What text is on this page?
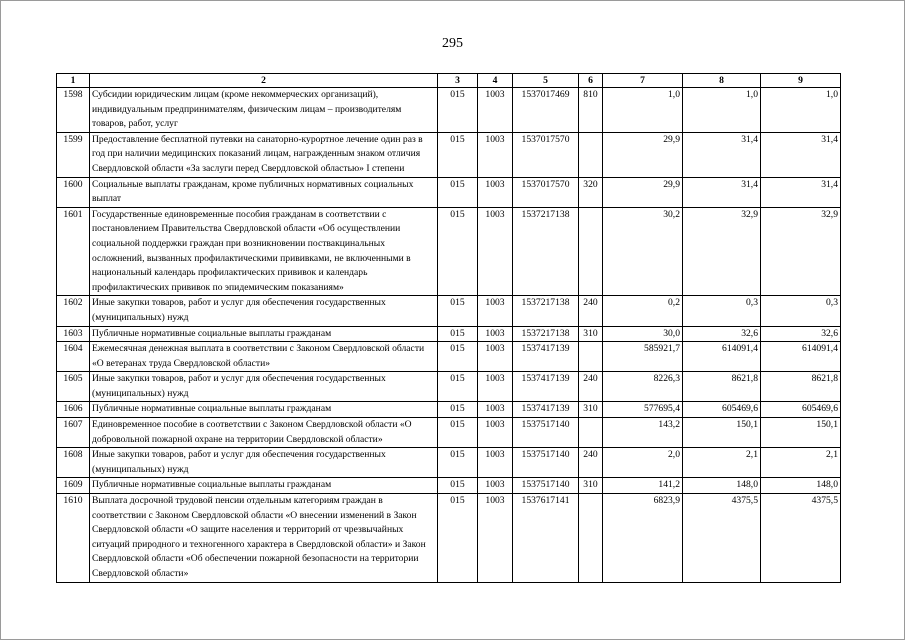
295
1	2	3	4	5	6	7	8	9
1598	Субсидии юридическим лицам (кроме некоммерческих организаций), индивидуальным предпринимателям, физическим лицам – производителям товаров, работ, услуг	015	1003	1537017469	810	1,0	1,0	1,0
1599	Предоставление бесплатной путевки на санаторно-курортное лечение один раз в год при наличии медицинских показаний лицам, награжденным знаком отличия Свердловской области «За заслуги перед Свердловской областью» I степени	015	1003	1537017570		29,9	31,4	31,4
1600	Социальные выплаты гражданам, кроме публичных нормативных социальных выплат	015	1003	1537017570	320	29,9	31,4	31,4
1601	Государственные единовременные пособия гражданам в соответствии с постановлением Правительства Свердловской области «Об осуществлении социальной поддержки граждан при возникновении поствакцинальных осложнений, вызванных профилактическими прививками, не включенными в национальный календарь профилактических прививок и календарь профилактических прививок по эпидемическим показаниям»	015	1003	1537217138		30,2	32,9	32,9
1602	Иные закупки товаров, работ и услуг для обеспечения государственных (муниципальных) нужд	015	1003	1537217138	240	0,2	0,3	0,3
1603	Публичные нормативные социальные выплаты гражданам	015	1003	1537217138	310	30,0	32,6	32,6
1604	Ежемесячная денежная выплата в соответствии с Законом Свердловской области «О ветеранах труда Свердловской области»	015	1003	1537417139		585921,7	614091,4	614091,4
1605	Иные закупки товаров, работ и услуг для обеспечения государственных (муниципальных) нужд	015	1003	1537417139	240	8226,3	8621,8	8621,8
1606	Публичные нормативные социальные выплаты гражданам	015	1003	1537417139	310	577695,4	605469,6	605469,6
1607	Единовременное пособие в соответствии с Законом Свердловской области «О добровольной пожарной охране на территории Свердловской области»	015	1003	1537517140		143,2	150,1	150,1
1608	Иные закупки товаров, работ и услуг для обеспечения государственных (муниципальных) нужд	015	1003	1537517140	240	2,0	2,1	2,1
1609	Публичные нормативные социальные выплаты гражданам	015	1003	1537517140	310	141,2	148,0	148,0
1610	Выплата досрочной трудовой пенсии отдельным категориям граждан в соответствии с Законом Свердловской области «О внесении изменений в Закон Свердловской области «О защите населения и территорий от чрезвычайных ситуаций природного и техногенного характера в Свердловской области» и Закон Свердловской области «Об обеспечении пожарной безопасности на территории Свердловской области»	015	1003	1537617141		6823,9	4375,5	4375,5
